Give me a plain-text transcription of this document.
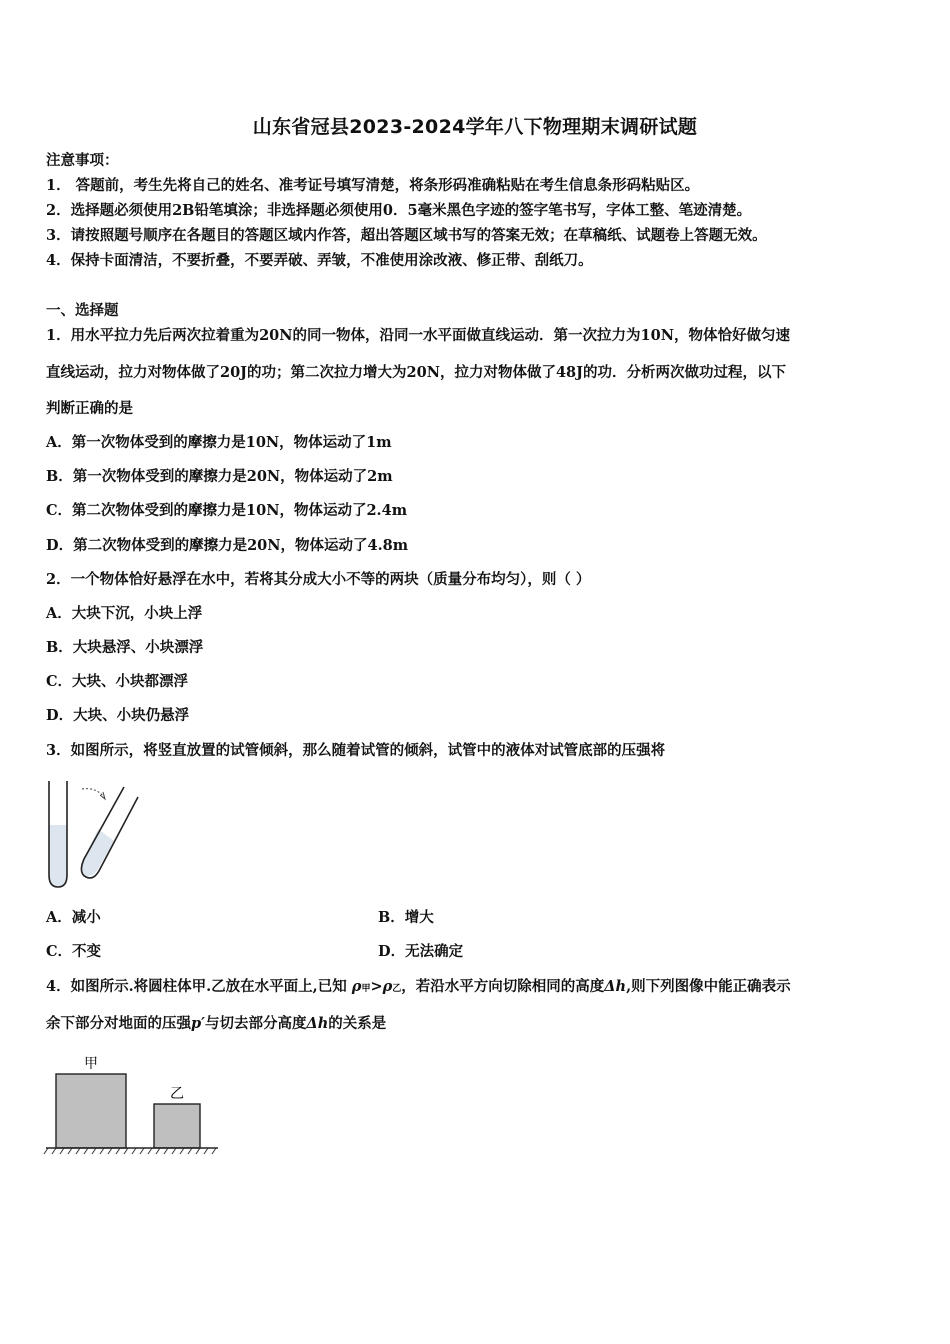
山东省冠县2023-2024学年八下物理期末调研试题
注意事项：
1． 答题前，考生先将自己的姓名、准考证号填写清楚，将条形码准确粘贴在考生信息条形码粘贴区。
2．选择题必须使用2B铅笔填涂；非选择题必须使用0．5毫米黑色字迹的签字笔书写，字体工整、笔迹清楚。
3．请按照题号顺序在各题目的答题区域内作答，超出答题区域书写的答案无效；在草稿纸、试题卷上答题无效。
4．保持卡面清洁，不要折叠，不要弄破、弄皱，不准使用涂改液、修正带、刮纸刀。
一、选择题
1．用水平拉力先后两次拉着重为20N的同一物体，沿同一水平面做直线运动．第一次拉力为10N，物体恰好做匀速
直线运动，拉力对物体做了20J的功；第二次拉力增大为20N，拉力对物体做了48J的功．分析两次做功过程，以下
判断正确的是
A．第一次物体受到的摩擦力是10N，物体运动了1m
B．第一次物体受到的摩擦力是20N，物体运动了2m
C．第二次物体受到的摩擦力是10N，物体运动了2.4m
D．第二次物体受到的摩擦力是20N，物体运动了4.8m
2．一个物体恰好悬浮在水中，若将其分成大小不等的两块（质量分布均匀），则（ ）
A．大块下沉，小块上浮
B．大块悬浮、小块漂浮
C．大块、小块都漂浮
D．大块、小块仍悬浮
3．如图所示，将竖直放置的试管倾斜，那么随着试管的倾斜，试管中的液体对试管底部的压强将
A．减小	B．增大
C．不变	D．无法确定
4．如图所示.将圆柱体甲.乙放在水平面上,已知 ρ甲>ρ乙，若沿水平方向切除相同的高度Δh,则下列图像中能正确表示
余下部分对地面的压强p′与切去部分高度Δh的关系是
甲
乙
